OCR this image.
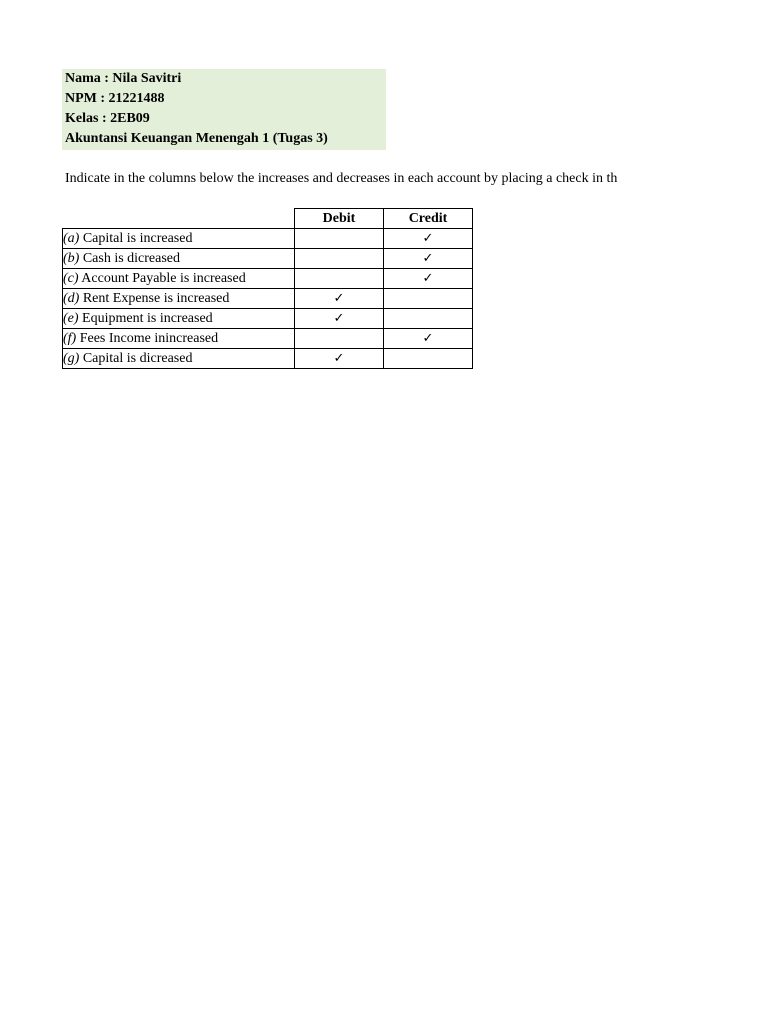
Nama : Nila Savitri
NPM : 21221488
Kelas : 2EB09
Akuntansi Keuangan Menengah 1 (Tugas 3)
Indicate in the columns below the increases and decreases in each account by placing a check in th
	Debit	Credit
(a) Capital is increased		✓
(b) Cash is dicreased		✓
(c) Account Payable is increased		✓
(d) Rent Expense is increased	✓	
(e) Equipment is increased	✓	
(f) Fees Income inincreased		✓
(g) Capital is dicreased	✓	
